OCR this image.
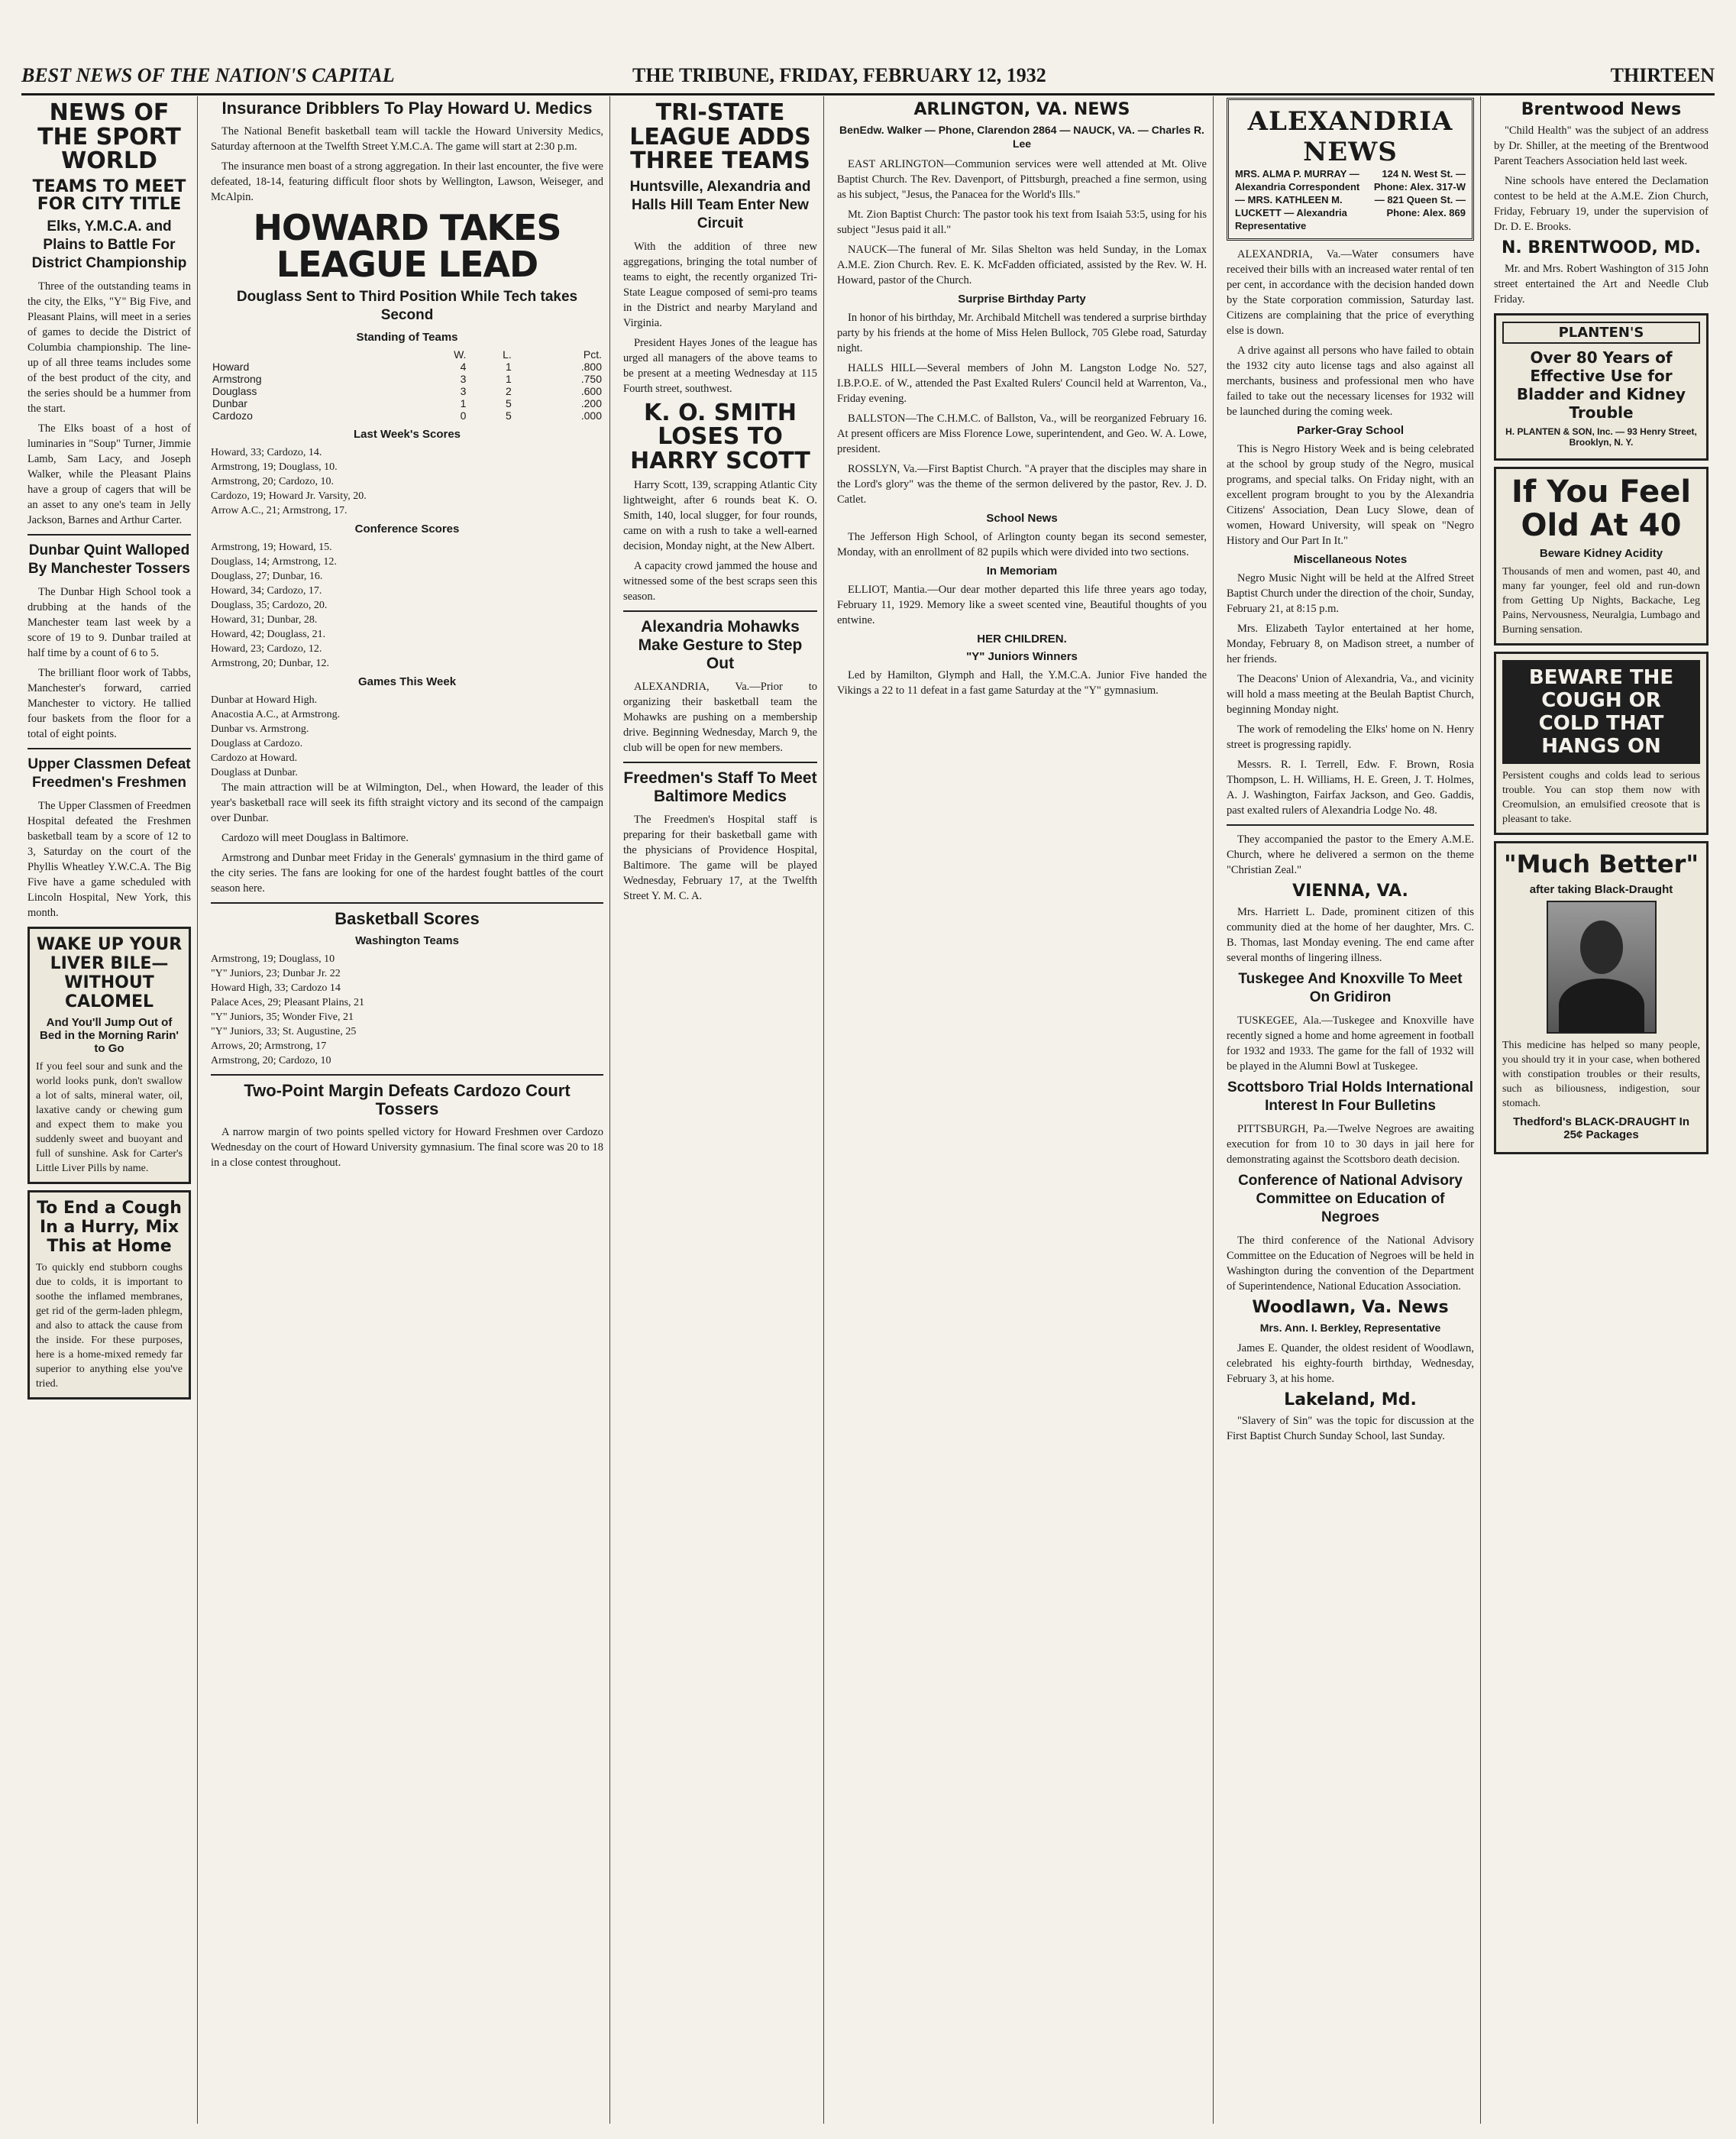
BEST NEWS OF THE NATION'S CAPITAL	THE TRIBUNE, FRIDAY, FEBRUARY 12, 1932	THIRTEEN
NEWS OF THE SPORT WORLD
TEAMS TO MEET FOR CITY TITLE
Elks, Y.M.C.A. and Plains to Battle For District Championship

Three of the outstanding teams in the city, the Elks, "Y" Big Five, and Pleasant Plains, will meet in a series of games to decide the District of Columbia championship. The line-up of all three teams includes some of the best product of the city, and the series should be a hummer from the start.

The Elks boast of a host of luminaries in "Soup" Turner, Jimmie Lamb, Sam Lacy, and Joseph Walker, while the Pleasant Plains have a group of cagers that will be an asset to any one's team in Jelly Jackson, Barnes and Arthur Carter.

Dunbar Quint Walloped By Manchester Tossers

The Dunbar High School took a drubbing at the hands of the Manchester team last week by a score of 19 to 9. Dunbar trailed at half time by a count of 6 to 5.

The brilliant floor work of Tabbs, Manchester's forward, carried Manchester to victory. He tallied four baskets from the floor for a total of eight points.

Upper Classmen Defeat Freedmen's Freshmen

The Upper Classmen of Freedmen Hospital defeated the Freshmen basketball team by a score of 12 to 3, Saturday on the court of the Phyllis Wheatley Y.W.C.A. The Big Five have a game scheduled with Lincoln Hospital, New York, this month.

WAKE UP YOUR LIVER BILE—WITHOUT CALOMEL
And You'll Jump Out of Bed in the Morning Rarin' to Go
If you feel sour and sunk and the world looks punk, don't swallow a lot of salts, mineral water, oil, laxative candy or chewing gum and expect them to make you suddenly sweet and buoyant and full of sunshine. Ask for Carter's Little Liver Pills by name.
To End a Cough In a Hurry, Mix This at Home
To quickly end stubborn coughs due to colds, it is important to soothe the inflamed membranes, get rid of the germ-laden phlegm, and also to attack the cause from the inside. For these purposes, here is a home-mixed remedy far superior to anything else you've tried.
Insurance Dribblers To Play Howard U. Medics

The National Benefit basketball team will tackle the Howard University Medics, Saturday afternoon at the Twelfth Street Y.M.C.A. The game will start at 2:30 p.m.

The insurance men boast of a strong aggregation. In their last encounter, the five were defeated, 18-14, featuring difficult floor shots by Wellington, Lawson, Weiseger, and McAlpin.

HOWARD TAKES LEAGUE LEAD
Douglass Sent to Third Position While Tech takes Second
Standing of Teams
	W.	L.	Pct.
Howard	4	1	.800
Armstrong	3	1	.750
Douglass	3	2	.600
Dunbar	1	5	.200
Cardozo	0	5	.000
Last Week's Scores
Howard, 33; Cardozo, 14.
Armstrong, 19; Douglass, 10.
Armstrong, 20; Cardozo, 10.
Cardozo, 19; Howard Jr. Varsity, 20.
Arrow A.C., 21; Armstrong, 17.
Conference Scores
Armstrong, 19; Howard, 15.
Douglass, 14; Armstrong, 12.
Douglass, 27; Dunbar, 16.
Howard, 34; Cardozo, 17.
Douglass, 35; Cardozo, 20.
Howard, 31; Dunbar, 28.
Howard, 42; Douglass, 21.
Howard, 23; Cardozo, 12.
Armstrong, 20; Dunbar, 12.
Games This Week
Dunbar at Howard High.
Anacostia A.C., at Armstrong.
Dunbar vs. Armstrong.
Douglass at Cardozo.
Cardozo at Howard.
Douglass at Dunbar.

The main attraction will be at Wilmington, Del., when Howard, the leader of this year's basketball race will seek its fifth straight victory and its second of the campaign over Dunbar.

Cardozo will meet Douglass in Baltimore.

Armstrong and Dunbar meet Friday in the Generals' gymnasium in the third game of the city series. The fans are looking for one of the hardest fought battles of the court season here.

Basketball Scores
Washington Teams
Armstrong, 19; Douglass, 10
"Y" Juniors, 23; Dunbar Jr. 22
Howard High, 33; Cardozo 14
Palace Aces, 29; Pleasant Plains, 21
"Y" Juniors, 35; Wonder Five, 21
"Y" Juniors, 33; St. Augustine, 25
Arrows, 20; Armstrong, 17
Armstrong, 20; Cardozo, 10
Two-Point Margin Defeats Cardozo Court Tossers

A narrow margin of two points spelled victory for Howard Freshmen over Cardozo Wednesday on the court of Howard University gymnasium. The final score was 20 to 18 in a close contest throughout.

TRI-STATE LEAGUE ADDS THREE TEAMS
Huntsville, Alexandria and Halls Hill Team Enter New Circuit

With the addition of three new aggregations, bringing the total number of teams to eight, the recently organized Tri-State League composed of semi-pro teams in the District and nearby Maryland and Virginia.

President Hayes Jones of the league has urged all managers of the above teams to be present at a meeting Wednesday at 115 Fourth street, southwest.

K. O. SMITH LOSES TO HARRY SCOTT

Harry Scott, 139, scrapping Atlantic City lightweight, after 6 rounds beat K. O. Smith, 140, local slugger, for four rounds, came on with a rush to take a well-earned decision, Monday night, at the New Albert.

A capacity crowd jammed the house and witnessed some of the best scraps seen this season.

Alexandria Mohawks Make Gesture to Step Out

ALEXANDRIA, Va.—Prior to organizing their basketball team the Mohawks are pushing on a membership drive. Beginning Wednesday, March 9, the club will be open for new members.

Freedmen's Staff To Meet Baltimore Medics

The Freedmen's Hospital staff is preparing for their basketball game with the physicians of Providence Hospital, Baltimore. The game will be played Wednesday, February 17, at the Twelfth Street Y. M. C. A.

ARLINGTON, VA. NEWS
BenEdw. Walker — Phone, Clarendon 2864 — NAUCK, VA. — Charles R. Lee

EAST ARLINGTON—Communion services were well attended at Mt. Olive Baptist Church. The Rev. Davenport, of Pittsburgh, preached a fine sermon, using as his subject, "Jesus, the Panacea for the World's Ills."

Mt. Zion Baptist Church: The pastor took his text from Isaiah 53:5, using for his subject "Jesus paid it all."

NAUCK—The funeral of Mr. Silas Shelton was held Sunday, in the Lomax A.M.E. Zion Church. Rev. E. K. McFadden officiated, assisted by the Rev. W. H. Howard, pastor of the Church.

Surprise Birthday Party

In honor of his birthday, Mr. Archibald Mitchell was tendered a surprise birthday party by his friends at the home of Miss Helen Bullock, 705 Glebe road, Saturday night.

HALLS HILL—Several members of John M. Langston Lodge No. 527, I.B.P.O.E. of W., attended the Past Exalted Rulers' Council held at Warrenton, Va., Friday evening.

BALLSTON—The C.H.M.C. of Ballston, Va., will be reorganized February 16. At present officers are Miss Florence Lowe, superintendent, and Geo. W. A. Lowe, president.

ROSSLYN, Va.—First Baptist Church. "A prayer that the disciples may share in the Lord's glory" was the theme of the sermon delivered by the pastor, Rev. J. D. Catlet.

School News

The Jefferson High School, of Arlington county began its second semester, Monday, with an enrollment of 82 pupils which were divided into two sections.

In Memoriam

ELLIOT, Mantia.—Our dear mother departed this life three years ago today, February 11, 1929. Memory like a sweet scented vine, Beautiful thoughts of you entwine.

HER CHILDREN.
"Y" Juniors Winners

Led by Hamilton, Glymph and Hall, the Y.M.C.A. Junior Five handed the Vikings a 22 to 11 defeat in a fast game Saturday at the "Y" gymnasium.

ALEXANDRIA NEWS
MRS. ALMA P. MURRAY — Alexandria Correspondent — MRS. KATHLEEN M. LUCKETT — Alexandria Representative
124 N. West St. — Phone: Alex. 317-W — 821 Queen St. — Phone: Alex. 869

ALEXANDRIA, Va.—Water consumers have received their bills with an increased water rental of ten per cent, in accordance with the decision handed down by the State corporation commission, Saturday last. Citizens are complaining that the price of everything else is down.

A drive against all persons who have failed to obtain the 1932 city auto license tags and also against all merchants, business and professional men who have failed to take out the necessary licenses for 1932 will be launched during the coming week.

Parker-Gray School

This is Negro History Week and is being celebrated at the school by group study of the Negro, musical programs, and special talks. On Friday night, with an excellent program brought to you by the Alexandria Citizens' Association, Dean Lucy Slowe, dean of women, Howard University, will speak on "Negro History and Our Part In It."

Miscellaneous Notes

Negro Music Night will be held at the Alfred Street Baptist Church under the direction of the choir, Sunday, February 21, at 8:15 p.m.

Mrs. Elizabeth Taylor entertained at her home, Monday, February 8, on Madison street, a number of her friends.

The Deacons' Union of Alexandria, Va., and vicinity will hold a mass meeting at the Beulah Baptist Church, beginning Monday night.

The work of remodeling the Elks' home on N. Henry street is progressing rapidly.

Messrs. R. I. Terrell, Edw. F. Brown, Rosia Thompson, L. H. Williams, H. E. Green, J. T. Holmes, A. J. Washington, Fairfax Jackson, and Geo. Gaddis, past exalted rulers of Alexandria Lodge No. 48.

They accompanied the pastor to the Emery A.M.E. Church, where he delivered a sermon on the theme "Christian Zeal."

VIENNA, VA.

Mrs. Harriett L. Dade, prominent citizen of this community died at the home of her daughter, Mrs. C. B. Thomas, last Monday evening. The end came after several months of lingering illness.

Tuskegee And Knoxville To Meet On Gridiron

TUSKEGEE, Ala.—Tuskegee and Knoxville have recently signed a home and home agreement in football for 1932 and 1933. The game for the fall of 1932 will be played in the Alumni Bowl at Tuskegee.

Scottsboro Trial Holds International Interest In Four Bulletins

PITTSBURGH, Pa.—Twelve Negroes are awaiting execution for from 10 to 30 days in jail here for demonstrating against the Scottsboro death decision.

Conference of National Advisory Committee on Education of Negroes

The third conference of the National Advisory Committee on the Education of Negroes will be held in Washington during the convention of the Department of Superintendence, National Education Association.

Woodlawn, Va. News
Mrs. Ann. I. Berkley, Representative

James E. Quander, the oldest resident of Woodlawn, celebrated his eighty-fourth birthday, Wednesday, February 3, at his home.

Lakeland, Md.

"Slavery of Sin" was the topic for discussion at the First Baptist Church Sunday School, last Sunday.

Brentwood News

"Child Health" was the subject of an address by Dr. Shiller, at the meeting of the Brentwood Parent Teachers Association held last week.

Nine schools have entered the Declamation contest to be held at the A.M.E. Zion Church, Friday, February 19, under the supervision of Dr. D. E. Brooks.

N. BRENTWOOD, MD.

Mr. and Mrs. Robert Washington of 315 John street entertained the Art and Needle Club Friday.

PLANTEN'S
Over 80 Years of Effective Use for Bladder and Kidney Trouble
H. PLANTEN & SON, Inc. — 93 Henry Street, Brooklyn, N. Y.
If You Feel Old At 40
Beware Kidney Acidity
Thousands of men and women, past 40, and many far younger, feel old and run-down from Getting Up Nights, Backache, Leg Pains, Nervousness, Neuralgia, Lumbago and Burning sensation.
BEWARE THE COUGH OR COLD THAT HANGS ON
Persistent coughs and colds lead to serious trouble. You can stop them now with Creomulsion, an emulsified creosote that is pleasant to take.
"Much Better"
after taking Black-Draught
This medicine has helped so many people, you should try it in your case, when bothered with constipation troubles or their results, such as biliousness, indigestion, sour stomach.
Thedford's BLACK-DRAUGHT In 25¢ Packages
